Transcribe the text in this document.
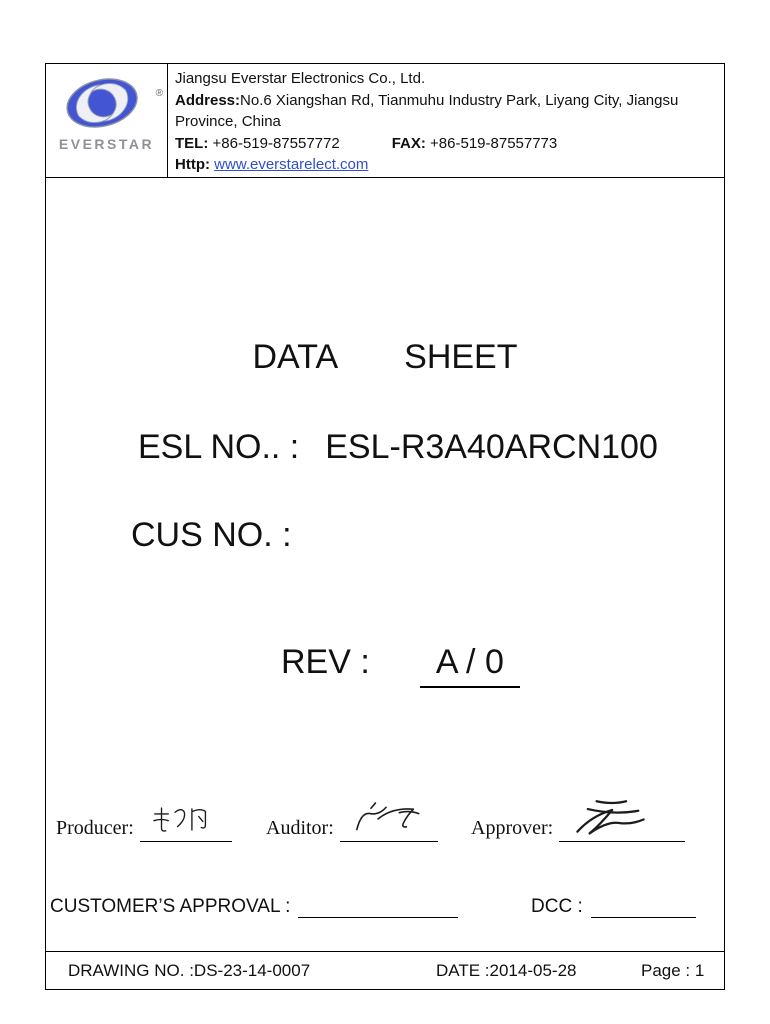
®
EVERSTAR
Jiangsu Everstar Electronics Co., Ltd.
Address:No.6 Xiangshan Rd, Tianmuhu Industry Park, Liyang City, Jiangsu Province, China
TEL: +86-519-87557772	FAX: +86-519-87557773
Http: www.everstarelect.com
DATA SHEET
ESL NO.. : ESL-R3A40ARCN100
CUS NO. :
REV : A / 0
Producer:	Auditor:	Approver:
CUSTOMER’S APPROVAL :	DCC :
DRAWING NO. :DS-23-14-0007	DATE :2014-05-28	Page : 1
